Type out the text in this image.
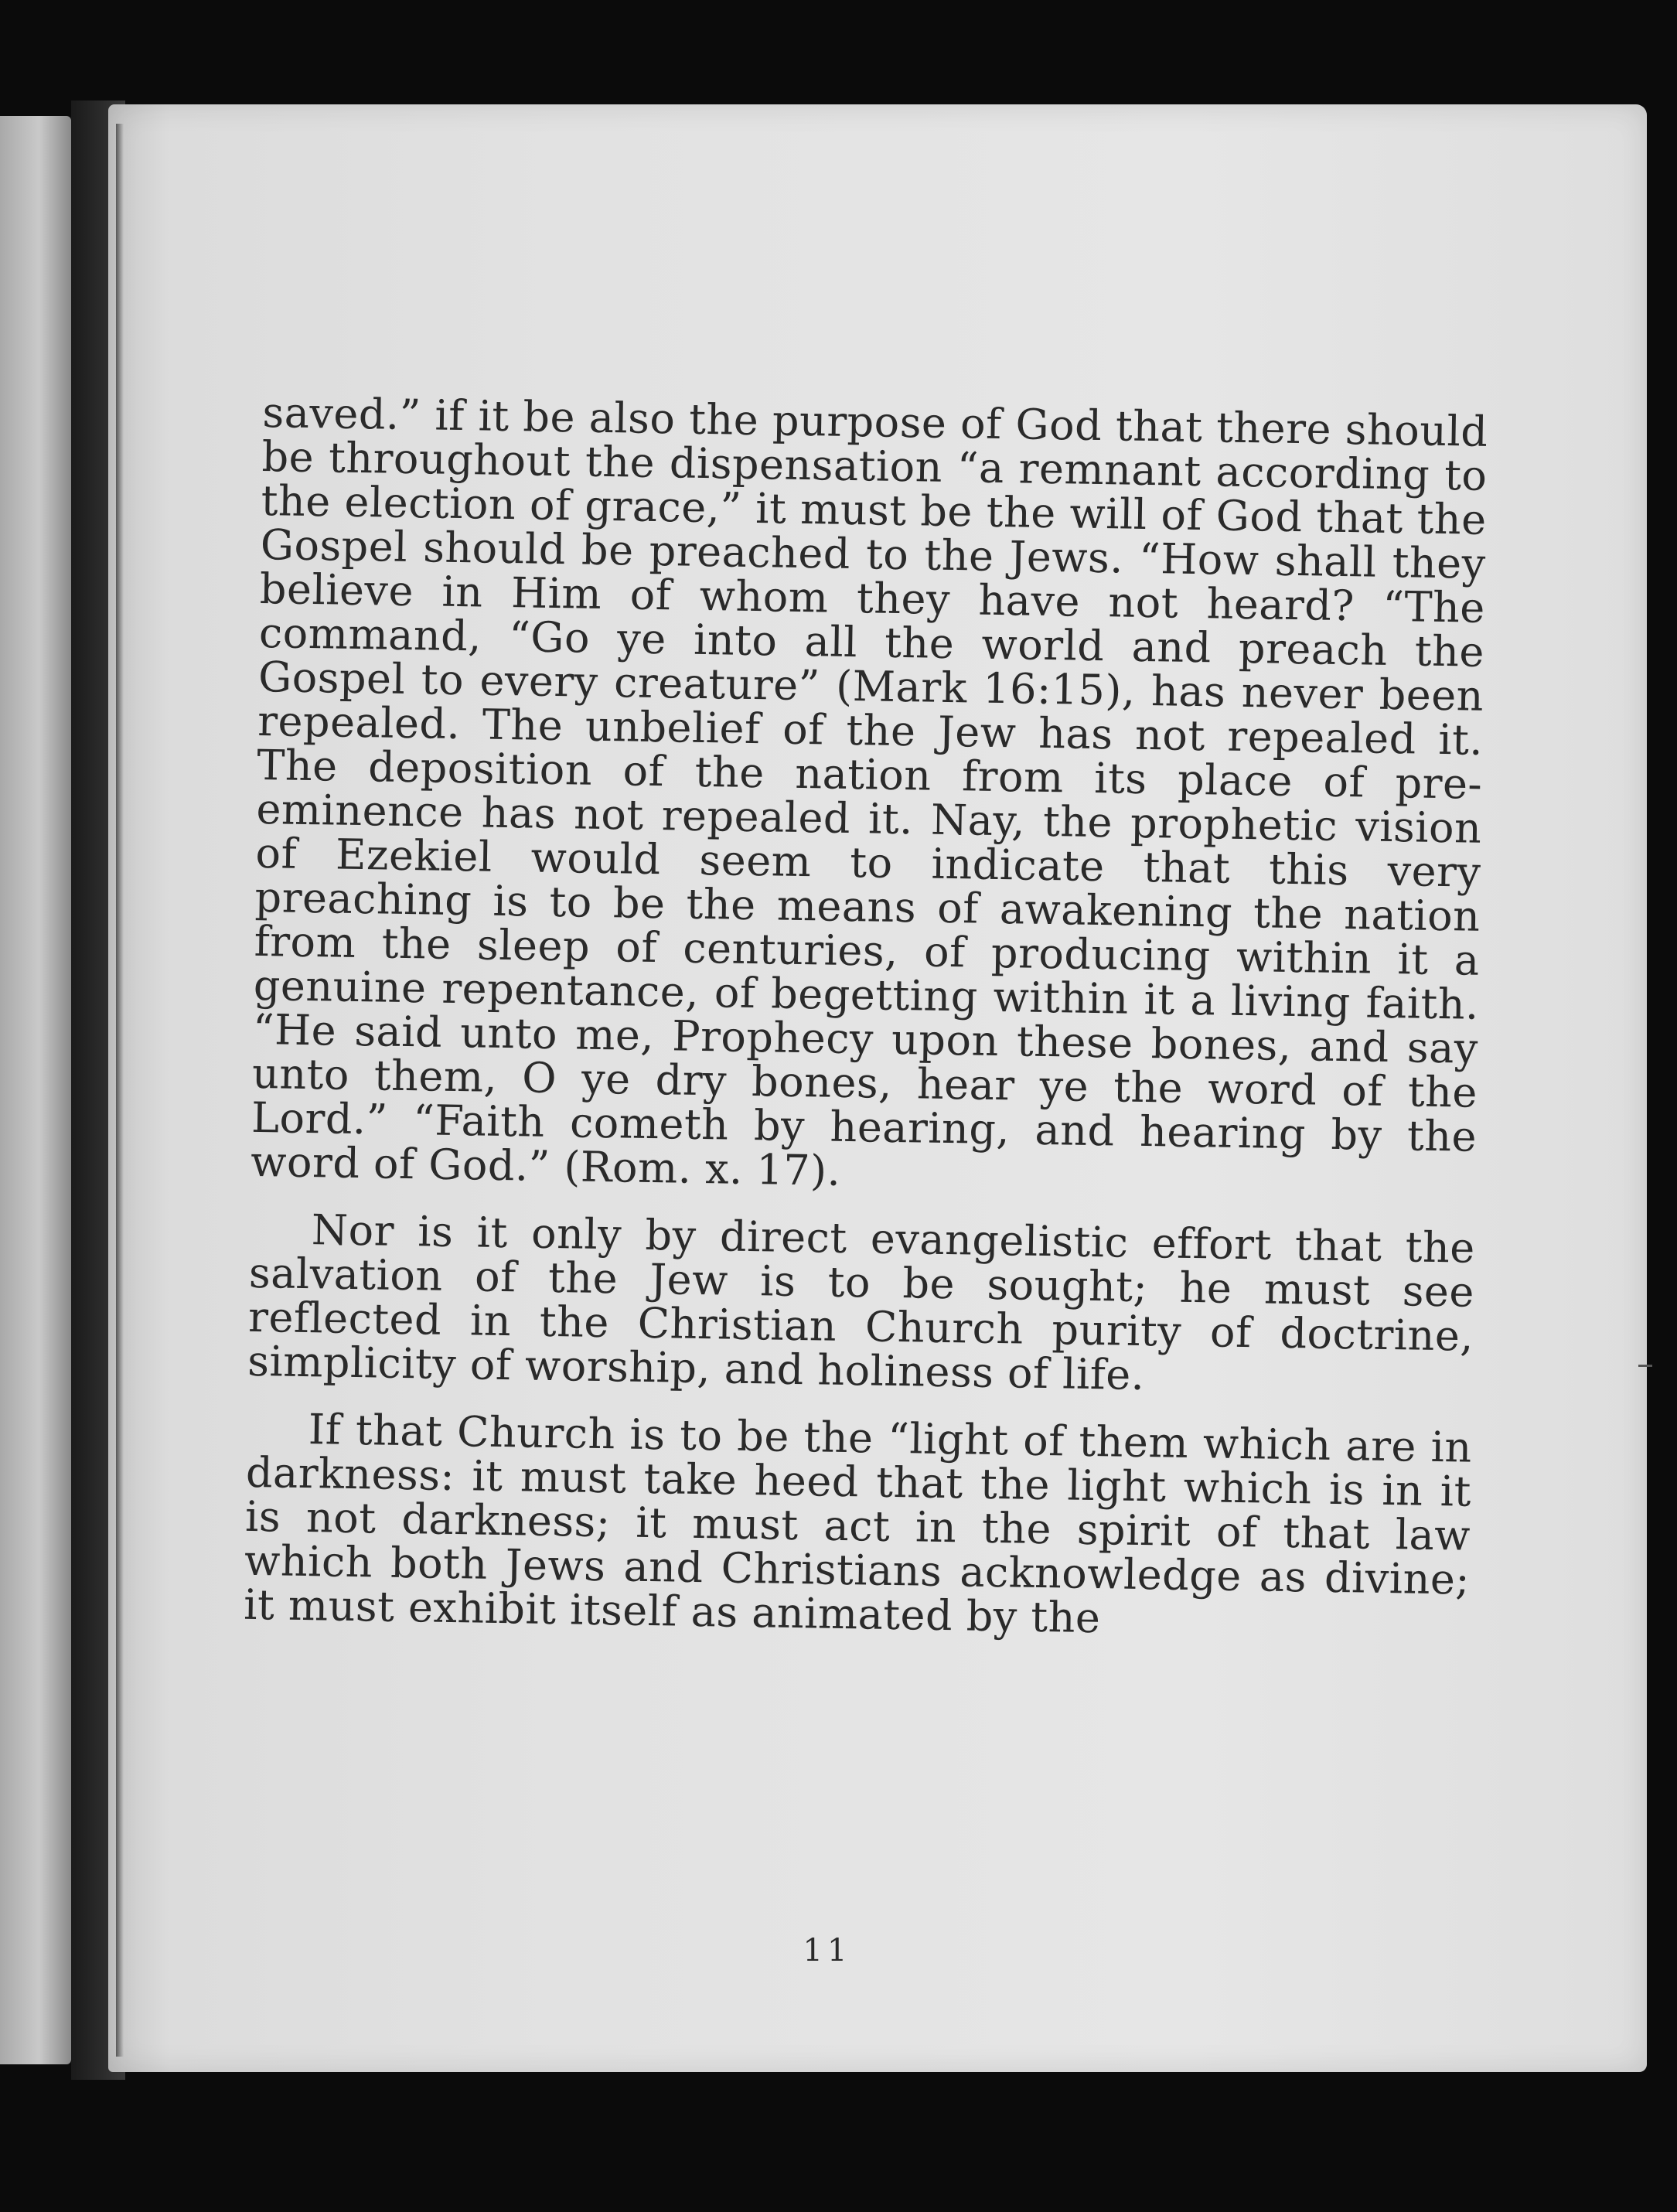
saved.” if it be also the purpose of God that there should be throughout the dispensation “a remnant according to the election of grace,” it must be the will of God that the Gospel should be preached to the Jews. “How shall they believe in Him of whom they have not heard? “The command, “Go ye into all the world and preach the Gospel to every creature” (Mark 16:15), has never been repealed. The unbelief of the Jew has not repealed it. The deposition of the nation from its place of pre-eminence has not repealed it. Nay, the prophetic vision of Ezekiel would seem to indicate that this very preaching is to be the means of awakening the nation from the sleep of centuries, of producing within it a genuine repentance, of begetting within it a living faith. “He said unto me, Prophecy upon these bones, and say unto them, O ye dry bones, hear ye the word of the Lord.” “Faith cometh by hearing, and hearing by the word of God.” (Rom. x. 17).

Nor is it only by direct evangelistic effort that the salvation of the Jew is to be sought; he must see reflected in the Christian Church purity of doctrine, simplicity of worship, and holiness of life.

If that Church is to be the “light of them which are in darkness: it must take heed that the light which is in it is not darkness; it must act in the spirit of that law which both Jews and Christians acknowledge as divine; it must exhibit itself as animated by the

11
